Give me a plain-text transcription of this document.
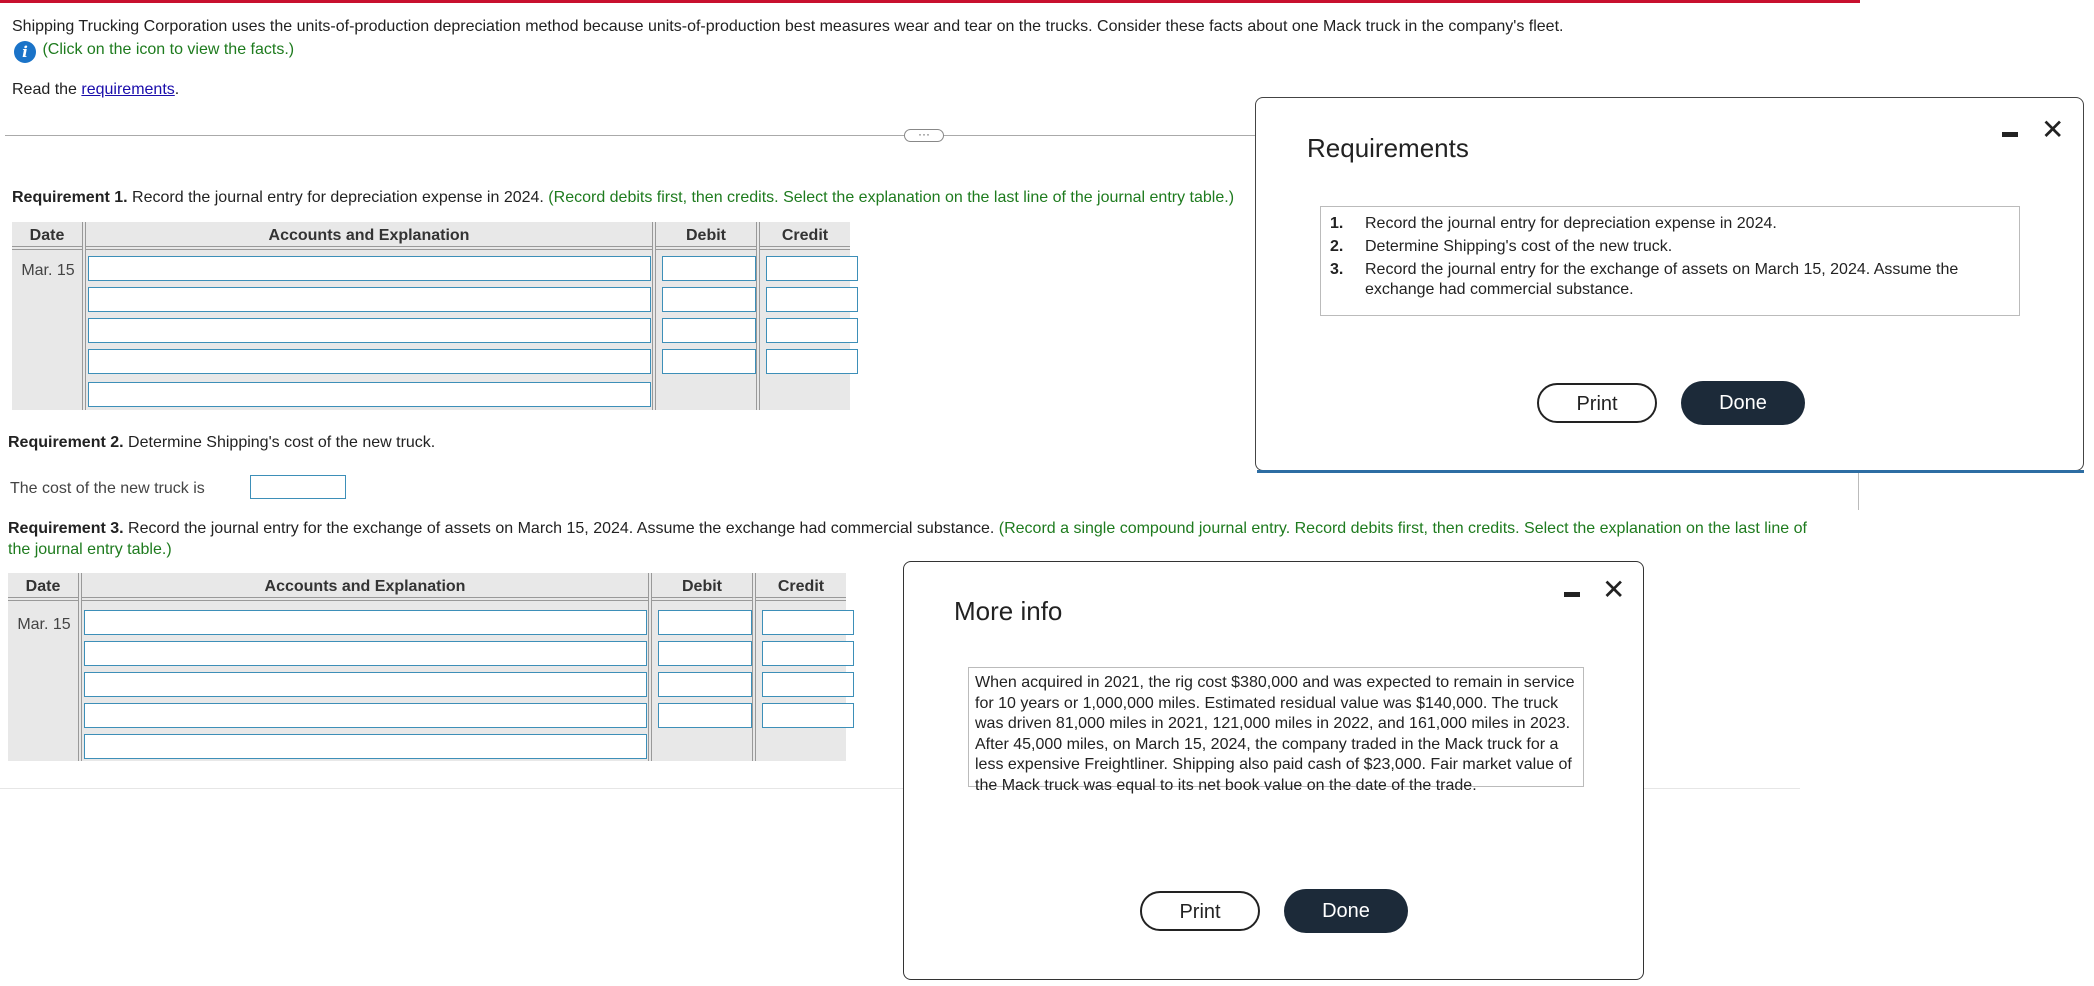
Shipping Trucking Corporation uses the units-of-production depreciation method because units-of-production best measures wear and tear on the trucks. Consider these facts about one Mack truck in the company's fleet.
i (Click on the icon to view the facts.)
Read the requirements.
···
Requirement 1. Record the journal entry for depreciation expense in 2024. (Record debits first, then credits. Select the explanation on the last line of the journal entry table.)
Date	Accounts and Explanation	Debit	Credit
Mar. 15
Requirement 2. Determine Shipping's cost of the new truck.
The cost of the new truck is
Requirement 3. Record the journal entry for the exchange of assets on March 15, 2024. Assume the exchange had commercial substance. (Record a single compound journal entry. Record debits first, then credits. Select the explanation on the last line of
the journal entry table.)
Date	Accounts and Explanation	Debit	Credit
Mar. 15
Requirements
✕
1. Record the journal entry for depreciation expense in 2024.
2. Determine Shipping's cost of the new truck.
3. Record the journal entry for the exchange of assets on March 15, 2024. Assume the exchange had commercial substance.
Print	Done
More info
✕
When acquired in 2021, the rig cost $380,000 and was expected to remain in service for 10 years or 1,000,000 miles. Estimated residual value was $140,000. The truck was driven 81,000 miles in 2021, 121,000 miles in 2022, and 161,000 miles in 2023. After 45,000 miles, on March 15, 2024, the company traded in the Mack truck for a less expensive Freightliner. Shipping also paid cash of $23,000. Fair market value of the Mack truck was equal to its net book value on the date of the trade.
Print	Done
